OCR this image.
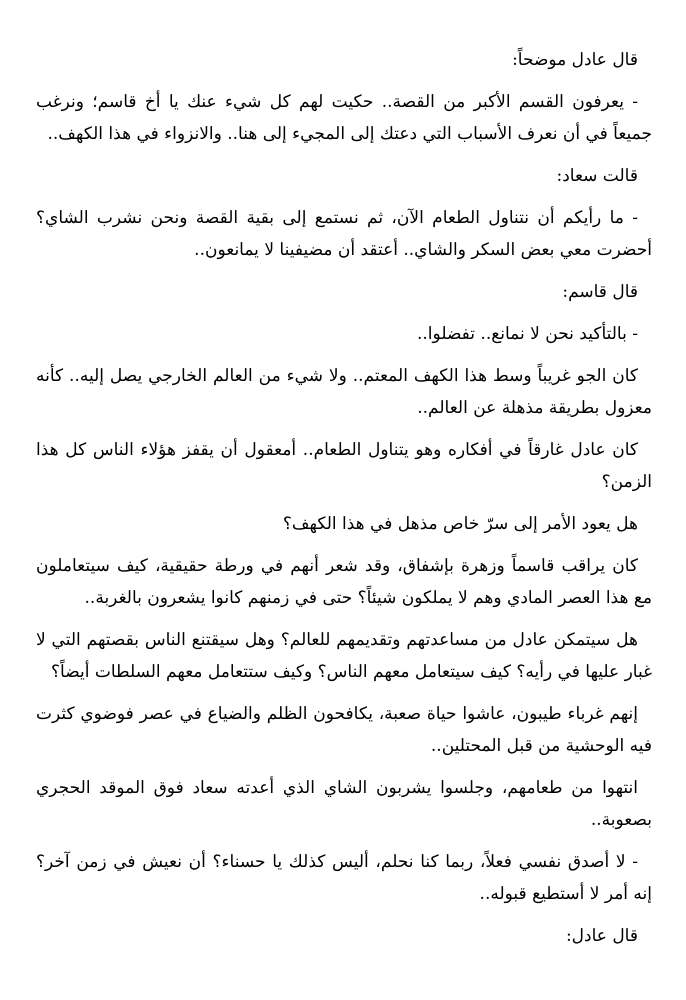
قال عادل موضحاً:

- يعرفون القسم الأكبر من القصة.. حكيت لهم كل شيء عنك يا أخ قاسم؛ ونرغب جميعاً في أن نعرف الأسباب التي دعتك إلى المجيء إلى هنا.. والانزواء في هذا الكهف..

قالت سعاد:

- ما رأيكم أن نتناول الطعام الآن، ثم نستمع إلى بقية القصة ونحن نشرب الشاي؟ أحضرت معي بعض السكر والشاي.. أعتقد أن مضيفينا لا يمانعون..

قال قاسم:

- بالتأكيد نحن لا نمانع.. تفضلوا..

كان الجو غريباً وسط هذا الكهف المعتم.. ولا شيء من العالم الخارجي يصل إليه.. كأنه معزول بطريقة مذهلة عن العالم..

كان عادل غارقاً في أفكاره وهو يتناول الطعام.. أمعقول أن يقفز هؤلاء الناس كل هذا الزمن؟

هل يعود الأمر إلى سرّ خاص مذهل في هذا الكهف؟

كان يراقب قاسماً وزهرة بإشفاق، وقد شعر أنهم في ورطة حقيقية، كيف سيتعاملون مع هذا العصر المادي وهم لا يملكون شيئاً؟ حتى في زمنهم كانوا يشعرون بالغربة..

هل سيتمكن عادل من مساعدتهم وتقديمهم للعالم؟ وهل سيقتنع الناس بقصتهم التي لا غبار عليها في رأيه؟ كيف سيتعامل معهم الناس؟ وكيف ستتعامل معهم السلطات أيضاً؟

إنهم غرباء طيبون، عاشوا حياة صعبة، يكافحون الظلم والضياع في عصر فوضوي كثرت فيه الوحشية من قبل المحتلين..

انتهوا من طعامهم، وجلسوا يشربون الشاي الذي أعدته سعاد فوق الموقد الحجري بصعوبة..

- لا أصدق نفسي فعلاً، ربما كنا نحلم، أليس كذلك يا حسناء؟ أن نعيش في زمن آخر؟ إنه أمر لا أستطيع قبوله..

قال عادل:
